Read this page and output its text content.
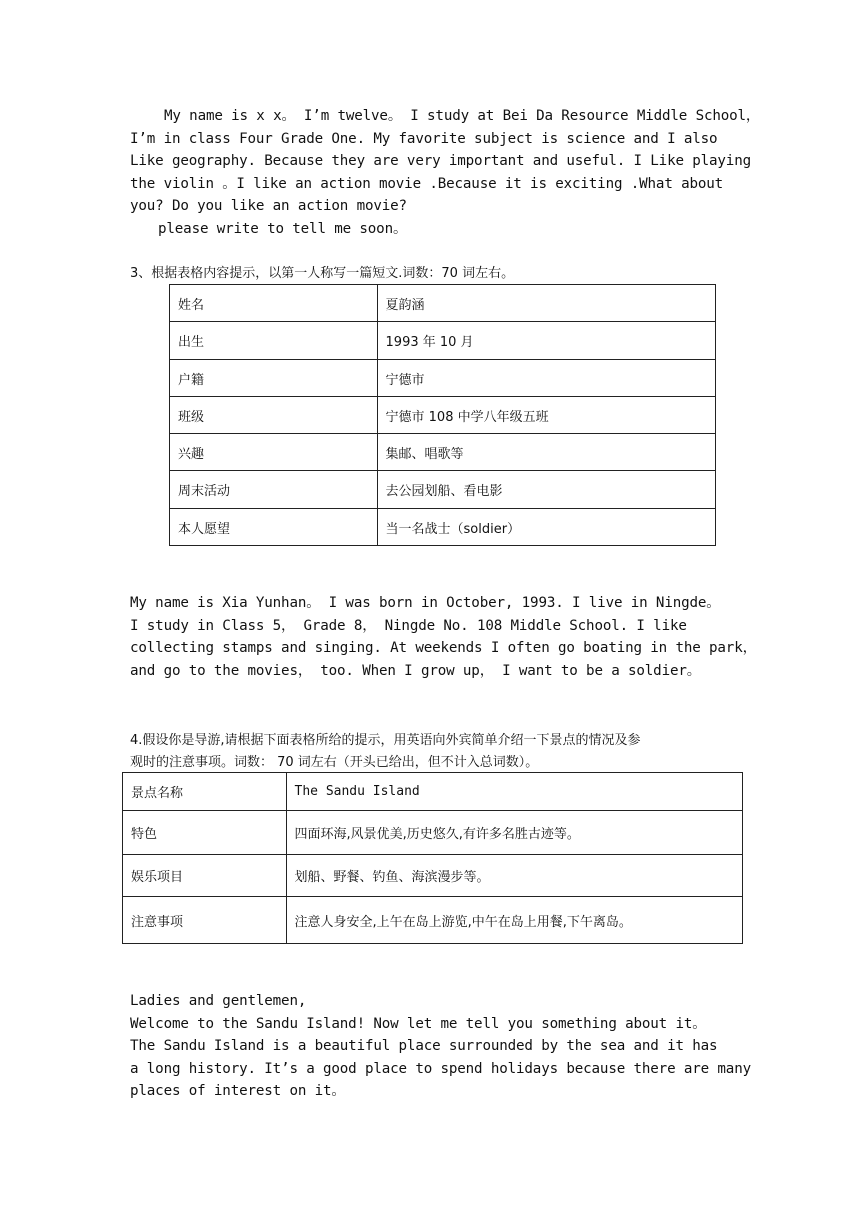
My name is x x。 I’m twelve。 I study at Bei Da Resource Middle School，
I’m in class Four Grade One. My favorite subject is science and I also
Like geography. Because they are very important and useful. I Like playing
the violin 。I like an action movie .Because it is exciting .What about
you? Do you like an action movie?
please write to tell me soon。
3、根据表格内容提示，以第一人称写一篇短文.词数：70 词左右。
姓名	夏韵涵
出生	1993 年 10 月
户籍	宁德市
班级	宁德市 108 中学八年级五班
兴趣	集邮、唱歌等
周末活动	去公园划船、看电影
本人愿望	当一名战士（soldier）
My name is Xia Yunhan。 I was born in October, 1993. I live in Ningde。
I study in Class 5， Grade 8， Ningde No. 108 Middle School. I like
collecting stamps and singing. At weekends I often go boating in the park，
and go to the movies， too. When I grow up， I want to be a soldier。
4.假设你是导游,请根据下面表格所给的提示，用英语向外宾简单介绍一下景点的情况及参
观时的注意事项。词数： 70 词左右（开头已给出，但不计入总词数）。
景点名称	The Sandu Island
特色	四面环海,风景优美,历史悠久,有许多名胜古迹等。
娱乐项目	划船、野餐、钓鱼、海滨漫步等。
注意事项	注意人身安全,上午在岛上游览,中午在岛上用餐,下午离岛。
Ladies and gentlemen,
Welcome to the Sandu Island! Now let me tell you something about it。
The Sandu Island is a beautiful place surrounded by the sea and it has
a long history. It’s a good place to spend holidays because there are many
places of interest on it。
